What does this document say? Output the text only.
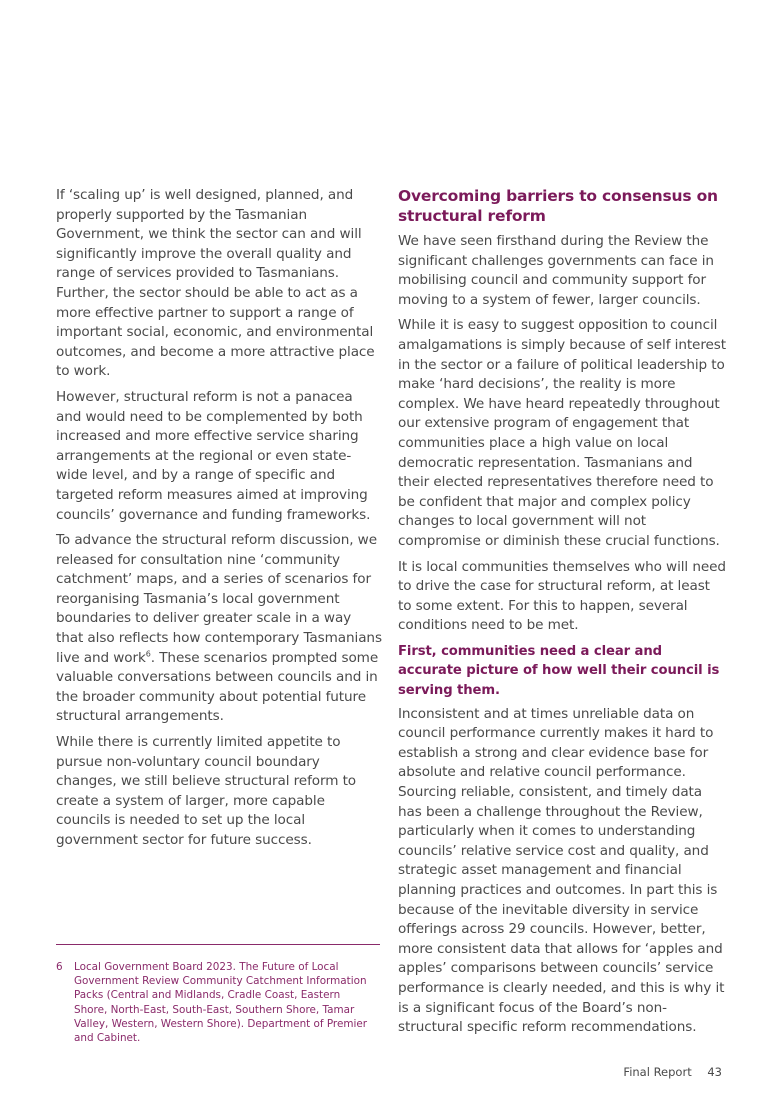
If ‘scaling up’ is well designed, planned, and properly supported by the Tasmanian Government, we think the sector can and will significantly improve the overall quality and range of services provided to Tasmanians. Further, the sector should be able to act as a more effective partner to support a range of important social, economic, and environmental outcomes, and become a more attractive place to work.

However, structural reform is not a panacea and would need to be complemented by both increased and more effective service sharing arrangements at the regional or even state-wide level, and by a range of specific and targeted reform measures aimed at improving councils’ governance and funding frameworks.

To advance the structural reform discussion, we released for consultation nine ‘community catchment’ maps, and a series of scenarios for reorganising Tasmania’s local government boundaries to deliver greater scale in a way that also reflects how contemporary Tasmanians live and work$^6$. These scenarios prompted some valuable conversations between councils and in the broader community about potential future structural arrangements.

While there is currently limited appetite to pursue non-voluntary council boundary changes, we still believe structural reform to create a system of larger, more capable councils is needed to set up the local government sector for future success.

Overcoming barriers to consensus on structural reform

We have seen firsthand during the Review the significant challenges governments can face in mobilising council and community support for moving to a system of fewer, larger councils.

While it is easy to suggest opposition to council amalgamations is simply because of self interest in the sector or a failure of political leadership to make ‘hard decisions’, the reality is more complex. We have heard repeatedly throughout our extensive program of engagement that communities place a high value on local democratic representation. Tasmanians and their elected representatives therefore need to be confident that major and complex policy changes to local government will not compromise or diminish these crucial functions.

It is local communities themselves who will need to drive the case for structural reform, at least to some extent. For this to happen, several conditions need to be met.

First, communities need a clear and accurate picture of how well their council is serving them.

Inconsistent and at times unreliable data on council performance currently makes it hard to establish a strong and clear evidence base for absolute and relative council performance. Sourcing reliable, consistent, and timely data has been a challenge throughout the Review, particularly when it comes to understanding councils’ relative service cost and quality, and strategic asset management and financial planning practices and outcomes. In part this is because of the inevitable diversity in service offerings across 29 councils. However, better, more consistent data that allows for ‘apples and apples’ comparisons between councils’ service performance is clearly needed, and this is why it is a significant focus of the Board’s non-structural specific reform recommendations.

6	Local Government Board 2023. The Future of Local Government Review Community Catchment Information Packs (Central and Midlands, Cradle Coast, Eastern Shore, North-East, South-East, Southern Shore, Tamar Valley, Western, Western Shore). Department of Premier and Cabinet.
Final Report 43
